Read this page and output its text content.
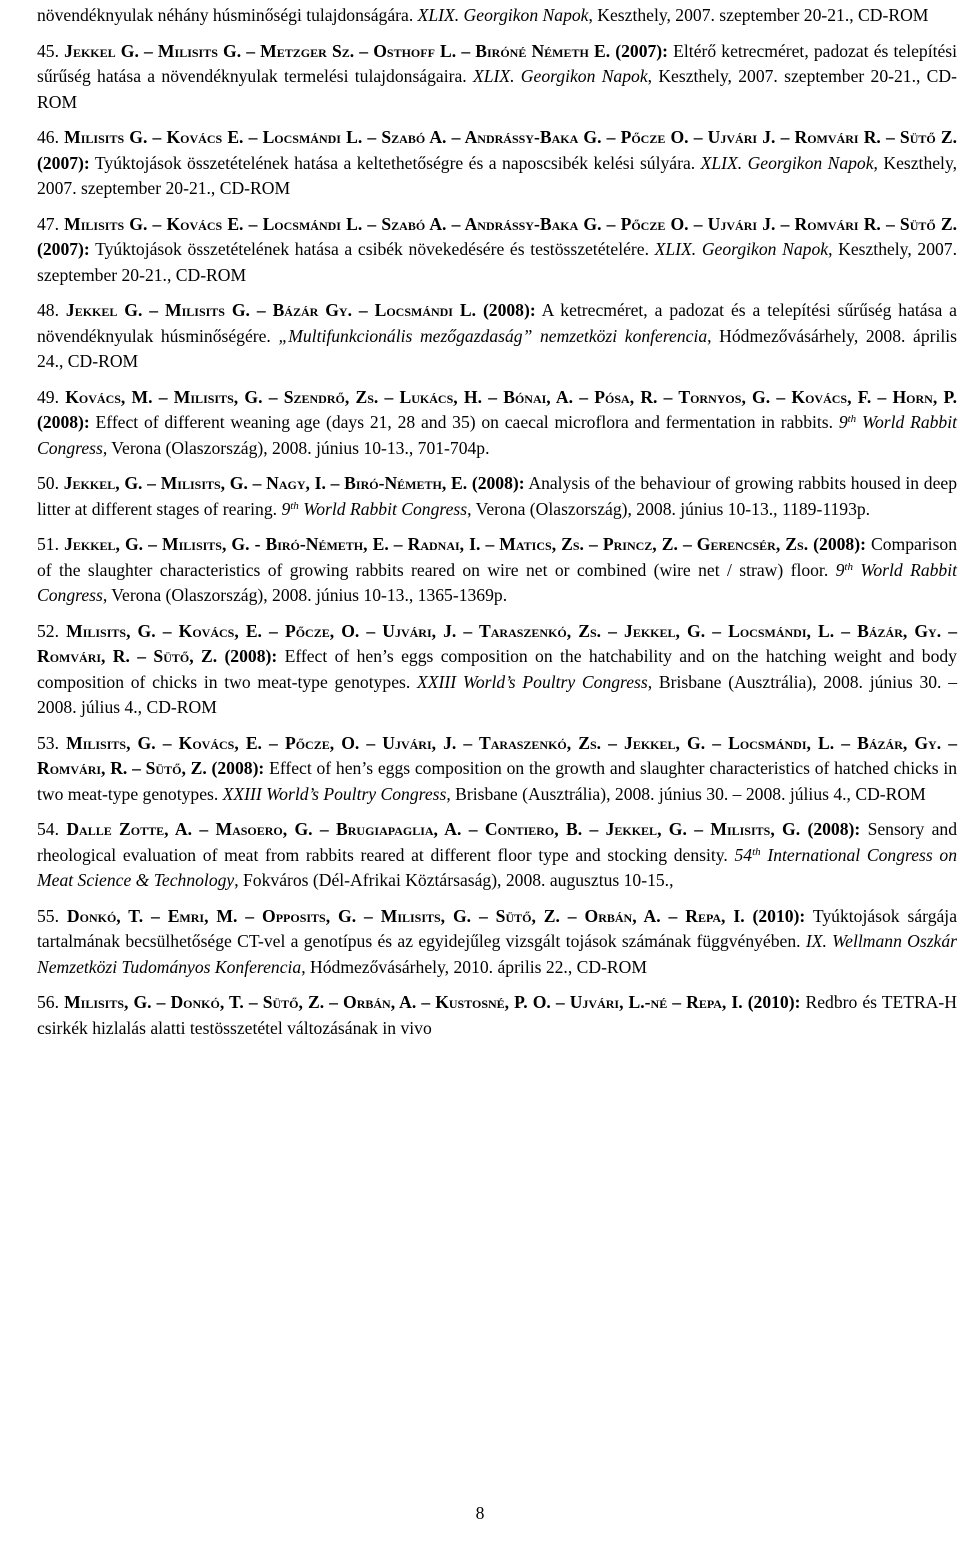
növendéknyulak néhány húsminőségi tulajdonságára. XLIX. Georgikon Napok, Keszthely, 2007. szeptember 20-21., CD-ROM

45. Jekkel G. – Milisits G. – Metzger Sz. – Osthoff L. – Biróné Németh E. (2007): Eltérő ketrecméret, padozat és telepítési sűrűség hatása a növendéknyulak termelési tulajdonságaira. XLIX. Georgikon Napok, Keszthely, 2007. szeptember 20-21., CD-ROM

46. Milisits G. – Kovács E. – Locsmándi L. – Szabó A. – Andrássy-Baka G. – Pőcze O. – Ujvári J. – Romvári R. – Sütő Z. (2007): Tyúktojások összetételének hatása a keltethetőségre és a naposcsibék kelési súlyára. XLIX. Georgikon Napok, Keszthely, 2007. szeptember 20-21., CD-ROM

47. Milisits G. – Kovács E. – Locsmándi L. – Szabó A. – Andrássy-Baka G. – Pőcze O. – Ujvári J. – Romvári R. – Sütő Z. (2007): Tyúktojások összetételének hatása a csibék növekedésére és testösszetételére. XLIX. Georgikon Napok, Keszthely, 2007. szeptember 20-21., CD-ROM

48. Jekkel G. – Milisits G. – Bázár Gy. – Locsmándi L. (2008): A ketrecméret, a padozat és a telepítési sűrűség hatása a növendéknyulak húsminőségére. „Multifunkcionális mezőgazdaság” nemzetközi konferencia, Hódmezővásárhely, 2008. április 24., CD-ROM

49. Kovács, M. – Milisits, G. – Szendrő, Zs. – Lukács, H. – Bónai, A. – Pósa, R. – Tornyos, G. – Kovács, F. – Horn, P. (2008): Effect of different weaning age (days 21, 28 and 35) on caecal microflora and fermentation in rabbits. 9th World Rabbit Congress, Verona (Olaszország), 2008. június 10-13., 701-704p.

50. Jekkel, G. – Milisits, G. – Nagy, I. – Biró-Németh, E. (2008): Analysis of the behaviour of growing rabbits housed in deep litter at different stages of rearing. 9th World Rabbit Congress, Verona (Olaszország), 2008. június 10-13., 1189-1193p.

51. Jekkel, G. – Milisits, G. - Biró-Németh, E. – Radnai, I. – Matics, Zs. – Princz, Z. – Gerencsér, Zs. (2008): Comparison of the slaughter characteristics of growing rabbits reared on wire net or combined (wire net / straw) floor. 9th World Rabbit Congress, Verona (Olaszország), 2008. június 10-13., 1365-1369p.

52. Milisits, G. – Kovács, E. – Pőcze, O. – Ujvári, J. – Taraszenkó, Zs. – Jekkel, G. – Locsmándi, L. – Bázár, Gy. – Romvári, R. – Sütő, Z. (2008): Effect of hen’s eggs composition on the hatchability and on the hatching weight and body composition of chicks in two meat-type genotypes. XXIII World’s Poultry Congress, Brisbane (Ausztrália), 2008. június 30. – 2008. július 4., CD-ROM

53. Milisits, G. – Kovács, E. – Pőcze, O. – Ujvári, J. – Taraszenkó, Zs. – Jekkel, G. – Locsmándi, L. – Bázár, Gy. – Romvári, R. – Sütő, Z. (2008): Effect of hen’s eggs composition on the growth and slaughter characteristics of hatched chicks in two meat-type genotypes. XXIII World’s Poultry Congress, Brisbane (Ausztrália), 2008. június 30. – 2008. július 4., CD-ROM

54. Dalle Zotte, A. – Masoero, G. – Brugiapaglia, A. – Contiero, B. – Jekkel, G. – Milisits, G. (2008): Sensory and rheological evaluation of meat from rabbits reared at different floor type and stocking density. 54th International Congress on Meat Science & Technology, Fokváros (Dél-Afrikai Köztársaság), 2008. augusztus 10-15.,

55. Donkó, T. – Emri, M. – Opposits, G. – Milisits, G. – Sütő, Z. – Orbán, A. – Repa, I. (2010): Tyúktojások sárgája tartalmának becsülhetősége CT-vel a genotípus és az egyidejűleg vizsgált tojások számának függvényében. IX. Wellmann Oszkár Nemzetközi Tudományos Konferencia, Hódmezővásárhely, 2010. április 22., CD-ROM

56. Milisits, G. – Donkó, T. – Sütő, Z. – Orbán, A. – Kustosné, P. O. – Ujvári, L.-né – Repa, I. (2010): Redbro és TETRA-H csirkék hizlalás alatti testösszetétel változásának in vivo

8
